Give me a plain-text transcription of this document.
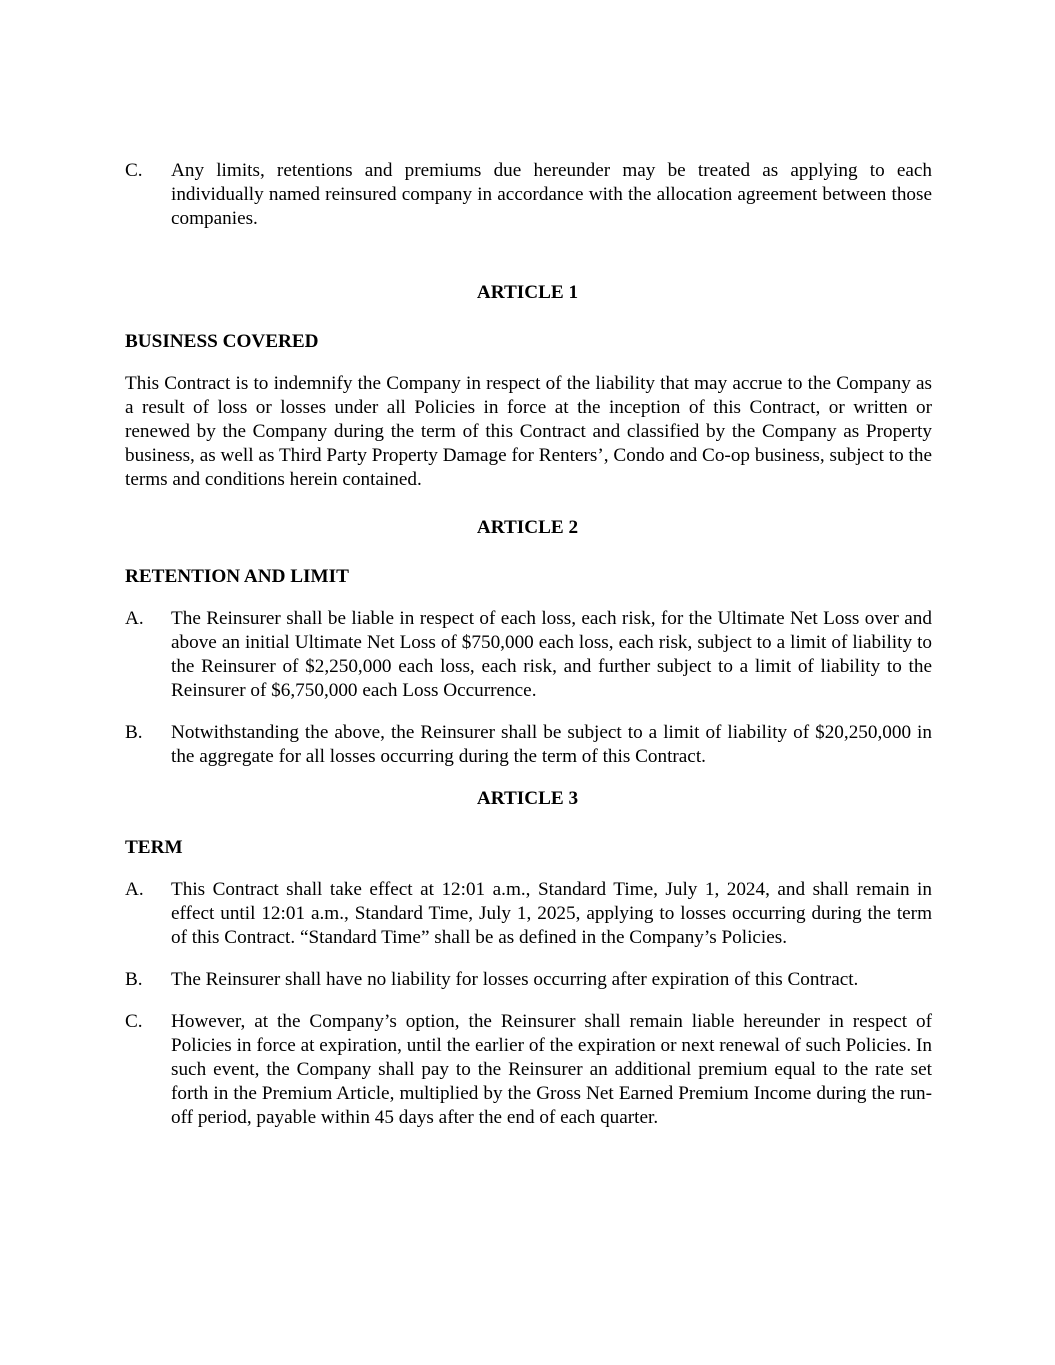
C. Any limits, retentions and premiums due hereunder may be treated as applying to each individually named reinsured company in accordance with the allocation agreement between those companies.
ARTICLE 1
BUSINESS COVERED
This Contract is to indemnify the Company in respect of the liability that may accrue to the Company as a result of loss or losses under all Policies in force at the inception of this Contract, or written or renewed by the Company during the term of this Contract and classified by the Company as Property business, as well as Third Party Property Damage for Renters’, Condo and Co-op business, subject to the terms and conditions herein contained.
ARTICLE 2
RETENTION AND LIMIT
A. The Reinsurer shall be liable in respect of each loss, each risk, for the Ultimate Net Loss over and above an initial Ultimate Net Loss of $750,000 each loss, each risk, subject to a limit of liability to the Reinsurer of $2,250,000 each loss, each risk, and further subject to a limit of liability to the Reinsurer of $6,750,000 each Loss Occurrence.
B. Notwithstanding the above, the Reinsurer shall be subject to a limit of liability of $20,250,000 in the aggregate for all losses occurring during the term of this Contract.
ARTICLE 3
TERM
A. This Contract shall take effect at 12:01 a.m., Standard Time, July 1, 2024, and shall remain in effect until 12:01 a.m., Standard Time, July 1, 2025, applying to losses occurring during the term of this Contract. “Standard Time” shall be as defined in the Company’s Policies.
B. The Reinsurer shall have no liability for losses occurring after expiration of this Contract.
C. However, at the Company’s option, the Reinsurer shall remain liable hereunder in respect of Policies in force at expiration, until the earlier of the expiration or next renewal of such Policies. In such event, the Company shall pay to the Reinsurer an additional premium equal to the rate set forth in the Premium Article, multiplied by the Gross Net Earned Premium Income during the run-off period, payable within 45 days after the end of each quarter.
